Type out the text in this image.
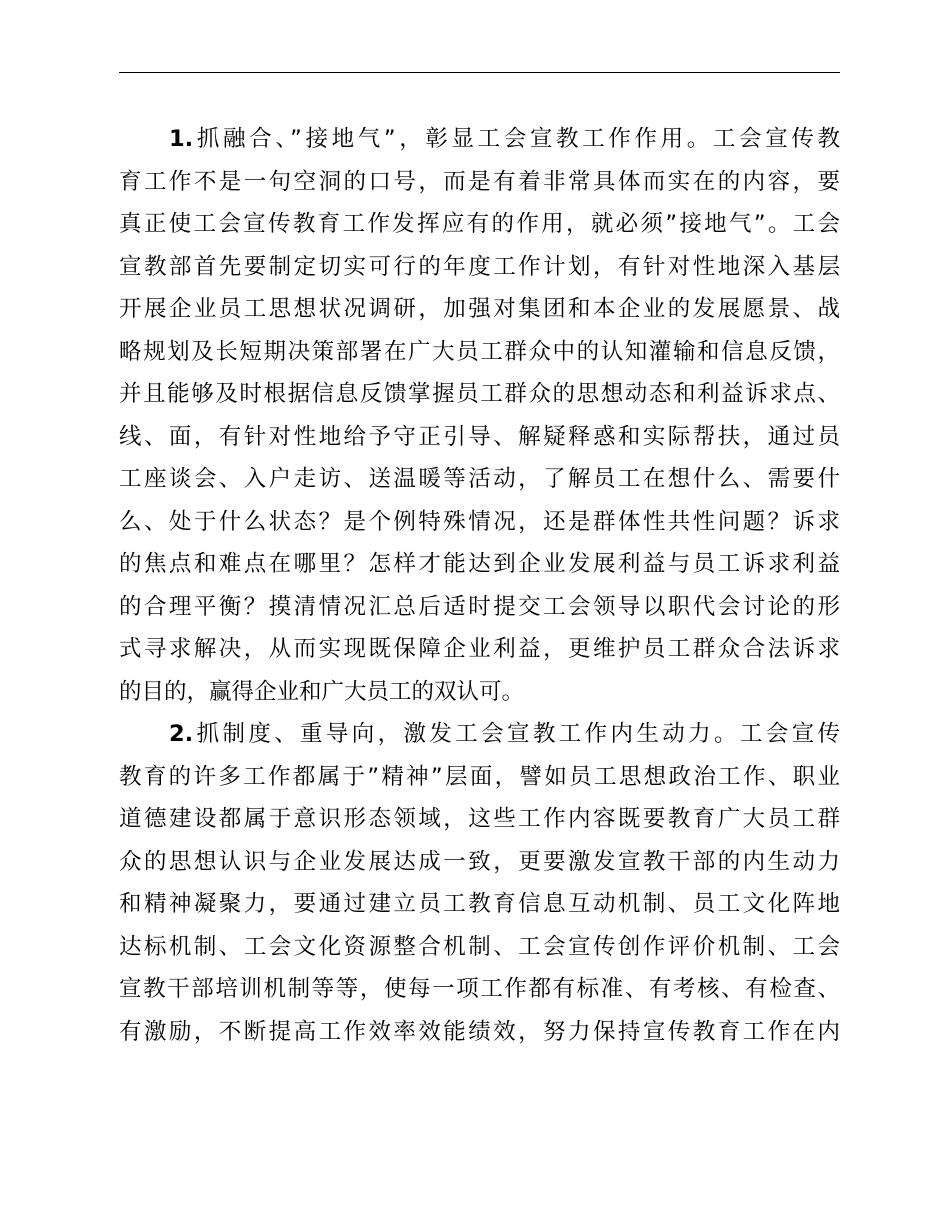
1.抓融合、”接地气”，彰显工会宣教工作作用。工会宣传教
育工作不是一句空洞的口号，而是有着非常具体而实在的内容，要
真正使工会宣传教育工作发挥应有的作用，就必须”接地气”。工会
宣教部首先要制定切实可行的年度工作计划，有针对性地深入基层
开展企业员工思想状况调研，加强对集团和本企业的发展愿景、战
略规划及长短期决策部署在广大员工群众中的认知灌输和信息反馈，
并且能够及时根据信息反馈掌握员工群众的思想动态和利益诉求点、
线、面，有针对性地给予守正引导、解疑释惑和实际帮扶，通过员
工座谈会、入户走访、送温暖等活动，了解员工在想什么、需要什
么、处于什么状态？是个例特殊情况，还是群体性共性问题？诉求
的焦点和难点在哪里？怎样才能达到企业发展利益与员工诉求利益
的合理平衡？摸清情况汇总后适时提交工会领导以职代会讨论的形
式寻求解决，从而实现既保障企业利益，更维护员工群众合法诉求
的目的，赢得企业和广大员工的双认可。
2.抓制度、重导向，激发工会宣教工作内生动力。工会宣传
教育的许多工作都属于”精神”层面，譬如员工思想政治工作、职业
道德建设都属于意识形态领域，这些工作内容既要教育广大员工群
众的思想认识与企业发展达成一致，更要激发宣教干部的内生动力
和精神凝聚力，要通过建立员工教育信息互动机制、员工文化阵地
达标机制、工会文化资源整合机制、工会宣传创作评价机制、工会
宣教干部培训机制等等，使每一项工作都有标准、有考核、有检查、
有激励，不断提高工作效率效能绩效，努力保持宣传教育工作在内
